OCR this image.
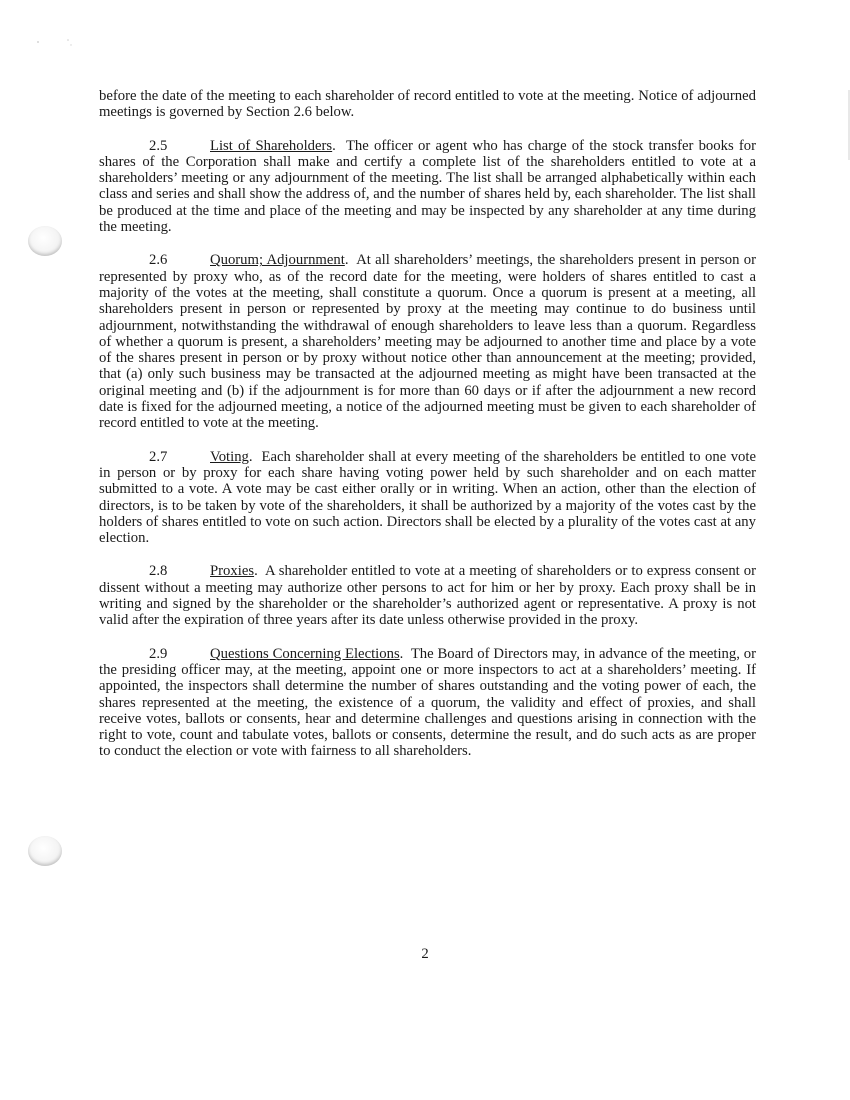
before the date of the meeting to each shareholder of record entitled to vote at the meeting. Notice of adjourned meetings is governed by Section 2.6 below.

2.5	List of Shareholders.  The officer or agent who has charge of the stock transfer books for shares of the Corporation shall make and certify a complete list of the shareholders entitled to vote at a shareholders’ meeting or any adjournment of the meeting. The list shall be arranged alphabetically within each class and series and shall show the address of, and the number of shares held by, each shareholder. The list shall be produced at the time and place of the meeting and may be inspected by any shareholder at any time during the meeting.

2.6	Quorum; Adjournment.  At all shareholders’ meetings, the shareholders present in person or represented by proxy who, as of the record date for the meeting, were holders of shares entitled to cast a majority of the votes at the meeting, shall constitute a quorum. Once a quorum is present at a meeting, all shareholders present in person or represented by proxy at the meeting may continue to do business until adjournment, notwithstanding the withdrawal of enough shareholders to leave less than a quorum. Regardless of whether a quorum is present, a shareholders’ meeting may be adjourned to another time and place by a vote of the shares present in person or by proxy without notice other than announcement at the meeting; provided, that (a) only such business may be transacted at the adjourned meeting as might have been transacted at the original meeting and (b) if the adjournment is for more than 60 days or if after the adjournment a new record date is fixed for the adjourned meeting, a notice of the adjourned meeting must be given to each shareholder of record entitled to vote at the meeting.

2.7	Voting.  Each shareholder shall at every meeting of the shareholders be entitled to one vote in person or by proxy for each share having voting power held by such shareholder and on each matter submitted to a vote. A vote may be cast either orally or in writing. When an action, other than the election of directors, is to be taken by vote of the shareholders, it shall be authorized by a majority of the votes cast by the holders of shares entitled to vote on such action. Directors shall be elected by a plurality of the votes cast at any election.

2.8	Proxies.  A shareholder entitled to vote at a meeting of shareholders or to express consent or dissent without a meeting may authorize other persons to act for him or her by proxy. Each proxy shall be in writing and signed by the shareholder or the shareholder’s authorized agent or representative. A proxy is not valid after the expiration of three years after its date unless otherwise provided in the proxy.

2.9	Questions Concerning Elections.  The Board of Directors may, in advance of the meeting, or the presiding officer may, at the meeting, appoint one or more inspectors to act at a shareholders’ meeting. If appointed, the inspectors shall determine the number of shares outstanding and the voting power of each, the shares represented at the meeting, the existence of a quorum, the validity and effect of proxies, and shall receive votes, ballots or consents, hear and determine challenges and questions arising in connection with the right to vote, count and tabulate votes, ballots or consents, determine the result, and do such acts as are proper to conduct the election or vote with fairness to all shareholders.

2
